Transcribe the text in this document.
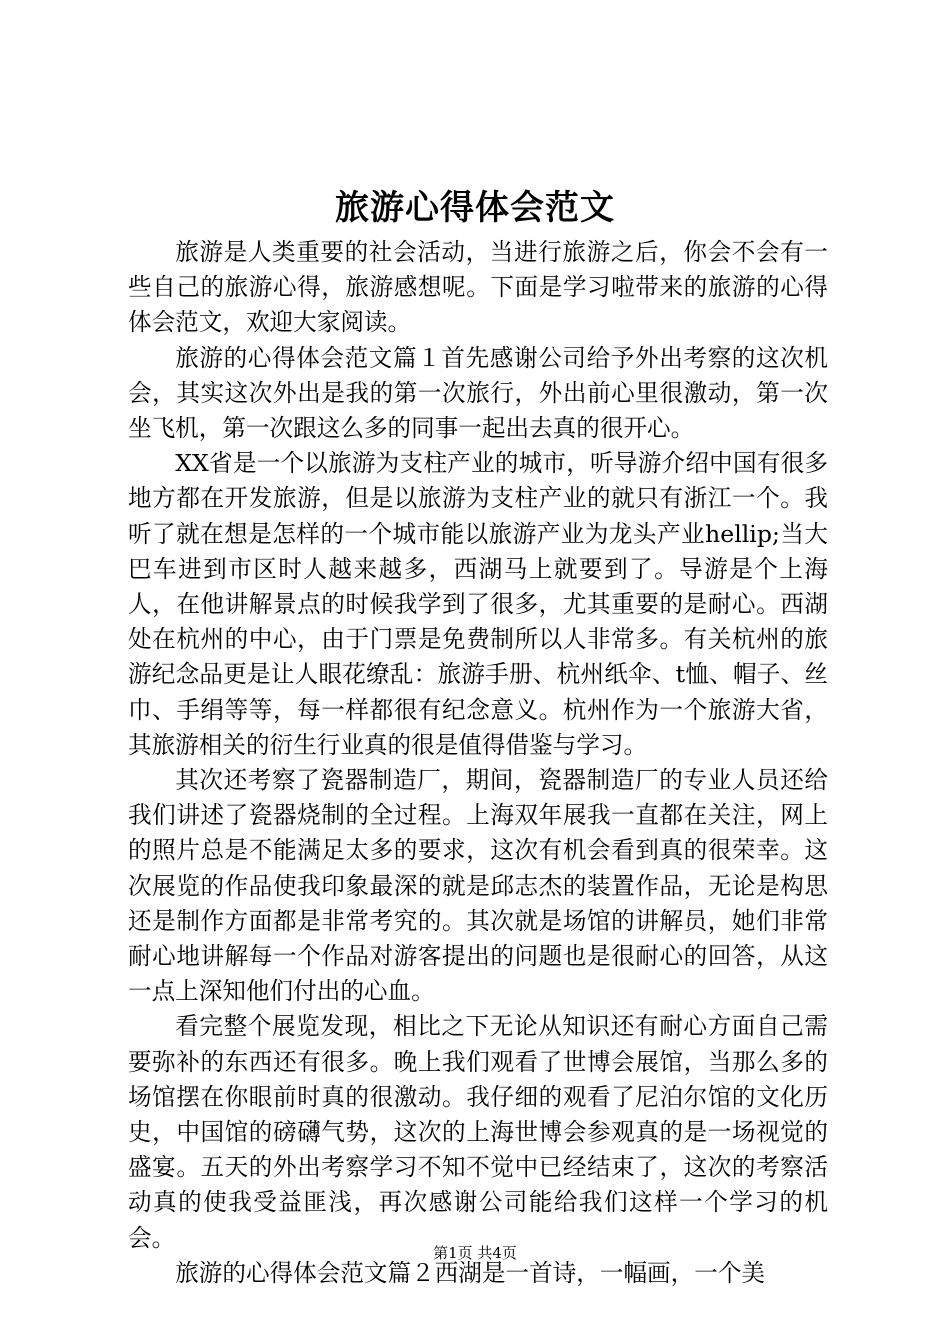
旅游心得体会范文

旅游是人类重要的社会活动，当进行旅游之后，你会不会有一些自己的旅游心得，旅游感想呢。下面是学习啦带来的旅游的心得体会范文，欢迎大家阅读。

旅游的心得体会范文篇１首先感谢公司给予外出考察的这次机会，其实这次外出是我的第一次旅行，外出前心里很激动，第一次坐飞机，第一次跟这么多的同事一起出去真的很开心。

XX省是一个以旅游为支柱产业的城市，听导游介绍中国有很多地方都在开发旅游，但是以旅游为支柱产业的就只有浙江一个。我听了就在想是怎样的一个城市能以旅游产业为龙头产业hellip;当大巴车进到市区时人越来越多，西湖马上就要到了。导游是个上海人，在他讲解景点的时候我学到了很多，尤其重要的是耐心。西湖处在杭州的中心，由于门票是免费制所以人非常多。有关杭州的旅游纪念品更是让人眼花缭乱：旅游手册、杭州纸伞、t恤、帽子、丝巾、手绢等等，每一样都很有纪念意义。杭州作为一个旅游大省，其旅游相关的衍生行业真的很是值得借鉴与学习。

其次还考察了瓷器制造厂，期间，瓷器制造厂的专业人员还给我们讲述了瓷器烧制的全过程。上海双年展我一直都在关注，网上的照片总是不能满足太多的要求，这次有机会看到真的很荣幸。这次展览的作品使我印象最深的就是邱志杰的装置作品，无论是构思还是制作方面都是非常考究的。其次就是场馆的讲解员，她们非常耐心地讲解每一个作品对游客提出的问题也是很耐心的回答，从这一点上深知他们付出的心血。

看完整个展览发现，相比之下无论从知识还有耐心方面自己需要弥补的东西还有很多。晚上我们观看了世博会展馆，当那么多的场馆摆在你眼前时真的很激动。我仔细的观看了尼泊尔馆的文化历史，中国馆的磅礴气势，这次的上海世博会参观真的是一场视觉的盛宴。五天的外出考察学习不知不觉中已经结束了，这次的考察活动真的使我受益匪浅，再次感谢公司能给我们这样一个学习的机会。

旅游的心得体会范文篇２西湖是一首诗，一幅画，一个美

第1页 共4页
